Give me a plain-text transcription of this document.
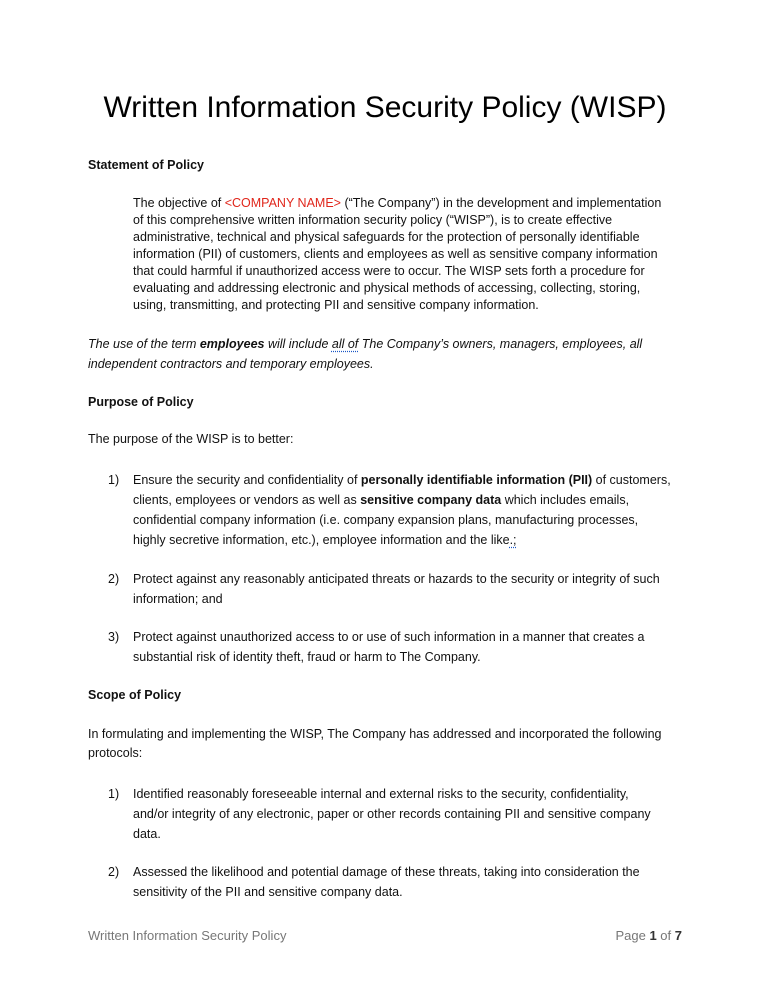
Written Information Security Policy (WISP)
Statement of Policy
The objective of <COMPANY NAME> (“The Company”) in the development and implementation
of this comprehensive written information security policy (“WISP”), is to create effective
administrative, technical and physical safeguards for the protection of personally identifiable
information (PII) of customers, clients and employees as well as sensitive company information
that could harmful if unauthorized access were to occur. The WISP sets forth a procedure for
evaluating and addressing electronic and physical methods of accessing, collecting, storing,
using, transmitting, and protecting PII and sensitive company information.
The use of the term employees will include all of The Company’s owners, managers, employees, all
independent contractors and temporary employees.
Purpose of Policy

The purpose of the WISP is to better:

1) Ensure the security and confidentiality of personally identifiable information (PII) of customers,
clients, employees or vendors as well as sensitive company data which includes emails,
confidential company information (i.e. company expansion plans, manufacturing processes,
highly secretive information, etc.), employee information and the like.;
2) Protect against any reasonably anticipated threats or hazards to the security or integrity of such
information; and
3) Protect against unauthorized access to or use of such information in a manner that creates a
substantial risk of identity theft, fraud or harm to The Company.
Scope of Policy
In formulating and implementing the WISP, The Company has addressed and incorporated the following
protocols:
1) Identified reasonably foreseeable internal and external risks to the security, confidentiality,
and/or integrity of any electronic, paper or other records containing PII and sensitive company
data.
2) Assessed the likelihood and potential damage of these threats, taking into consideration the
sensitivity of the PII and sensitive company data.
Written Information Security Policy	Page 1 of 7
